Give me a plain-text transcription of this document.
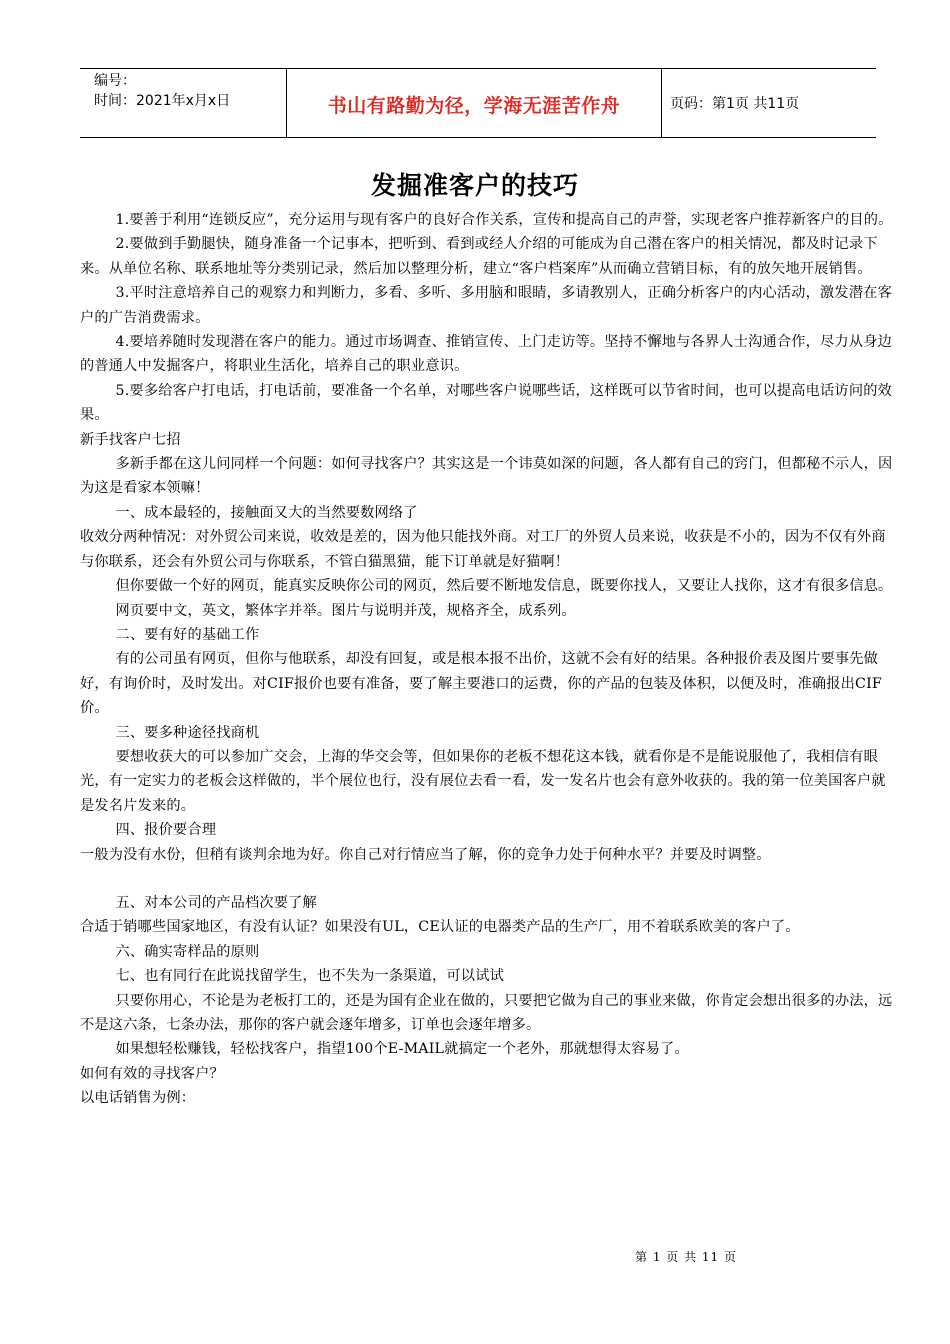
编号：
时间：2021年x月x日	书山有路勤为径，学海无涯苦作舟	页码：第1页 共11页
发掘准客户的技巧

1.要善于利用“连锁反应”，充分运用与现有客户的良好合作关系，宣传和提高自己的声誉，实现老客户推荐新客户的目的。

2.要做到手勤腿快，随身准备一个记事本，把听到、看到或经人介绍的可能成为自己潜在客户的相关情况，都及时记录下来。从单位名称、联系地址等分类别记录，然后加以整理分析，建立“客户档案库”从而确立营销目标，有的放矢地开展销售。

3.平时注意培养自己的观察力和判断力，多看、多听、多用脑和眼睛，多请教别人，正确分析客户的内心活动，激发潜在客户的广告消费需求。

4.要培养随时发现潜在客户的能力。通过市场调查、推销宣传、上门走访等。坚持不懈地与各界人士沟通合作，尽力从身边的普通人中发掘客户，将职业生活化，培养自己的职业意识。

5.要多给客户打电话，打电话前，要准备一个名单，对哪些客户说哪些话，这样既可以节省时间，也可以提高电话访问的效果。

新手找客户七招

多新手都在这儿问同样一个问题：如何寻找客户？其实这是一个讳莫如深的问题，各人都有自己的窍门，但都秘不示人，因为这是看家本领嘛！

一、成本最轻的，接触面又大的当然要数网络了

收效分两种情况：对外贸公司来说，收效是差的，因为他只能找外商。对工厂的外贸人员来说，收获是不小的，因为不仅有外商与你联系，还会有外贸公司与你联系，不管白猫黑猫，能下订单就是好猫啊！

但你要做一个好的网页，能真实反映你公司的网页，然后要不断地发信息，既要你找人，又要让人找你，这才有很多信息。

网页要中文，英文，繁体字并举。图片与说明并茂，规格齐全，成系列。

二、要有好的基础工作

有的公司虽有网页，但你与他联系，却没有回复，或是根本报不出价，这就不会有好的结果。各种报价表及图片要事先做好，有询价时，及时发出。对CIF报价也要有准备，要了解主要港口的运费，你的产品的包装及体积，以便及时，准确报出CIF价。

三、要多种途径找商机

要想收获大的可以参加广交会，上海的华交会等，但如果你的老板不想花这本钱，就看你是不是能说服他了，我相信有眼光，有一定实力的老板会这样做的，半个展位也行，没有展位去看一看，发一发名片也会有意外收获的。我的第一位美国客户就是发名片发来的。

四、报价要合理

一般为没有水份，但稍有谈判余地为好。你自己对行情应当了解，你的竞争力处于何种水平？并要及时调整。

五、对本公司的产品档次要了解

合适于销哪些国家地区，有没有认证？如果没有UL，CE认证的电器类产品的生产厂，用不着联系欧美的客户了。

六、确实寄样品的原则

七、也有同行在此说找留学生，也不失为一条渠道，可以试试

只要你用心，不论是为老板打工的，还是为国有企业在做的，只要把它做为自己的事业来做，你肯定会想出很多的办法，远不是这六条，七条办法，那你的客户就会逐年增多，订单也会逐年增多。

如果想轻松赚钱，轻松找客户，指望100个E-MAIL就搞定一个老外，那就想得太容易了。

如何有效的寻找客户？

以电话销售为例：

第 1 页 共 11 页
